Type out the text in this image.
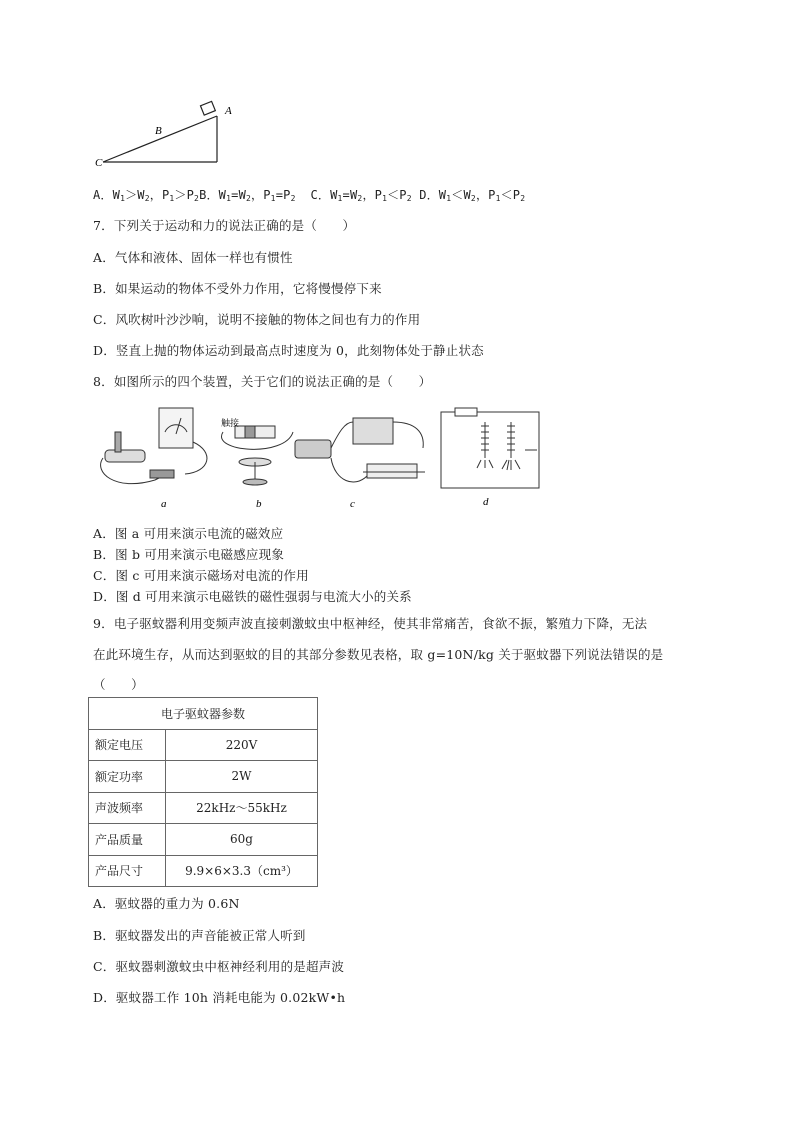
A
B
C
A．$W_1>W_2$，$P_1>P_2B$．$W_1=W_2$，$P_1=P_2$ C．$W_1=W_2$，$P_1<P_2$ D．$W_1<W_2$，$P_1<P_2$
7．下列关于运动和力的说法正确的是（　　）
A．气体和液体、固体一样也有惯性
B．如果运动的物体不受外力作用，它将慢慢停下来
C．风吹树叶沙沙响，说明不接触的物体之间也有力的作用
D．竖直上抛的物体运动到最高点时速度为 0，此刻物体处于静止状态
8．如图所示的四个装置，关于它们的说法正确的是（　　）
a
触接
b	c	d
A．图 a 可用来演示电流的磁效应
B．图 b 可用来演示电磁感应现象
C．图 c 可用来演示磁场对电流的作用
D．图 d 可用来演示电磁铁的磁性强弱与电流大小的关系
9．电子驱蚊器利用变频声波直接刺激蚊虫中枢神经，使其非常痛苦，食欲不振，繁殖力下降，无法
在此环境生存，从而达到驱蚊的目的其部分参数见表格，取 g=10N/kg 关于驱蚊器下列说法错误的是
（　　）
电子驱蚊器参数	
额定电压	220V
额定功率	2W
声波频率	22kHz～55kHz
产品质量	60g
产品尺寸	9.9×6×3.3（cm³）
A．驱蚊器的重力为 0.6N
B．驱蚊器发出的声音能被正常人听到
C．驱蚊器刺激蚊虫中枢神经利用的是超声波
D．驱蚊器工作 10h 消耗电能为 0.02kW•h
